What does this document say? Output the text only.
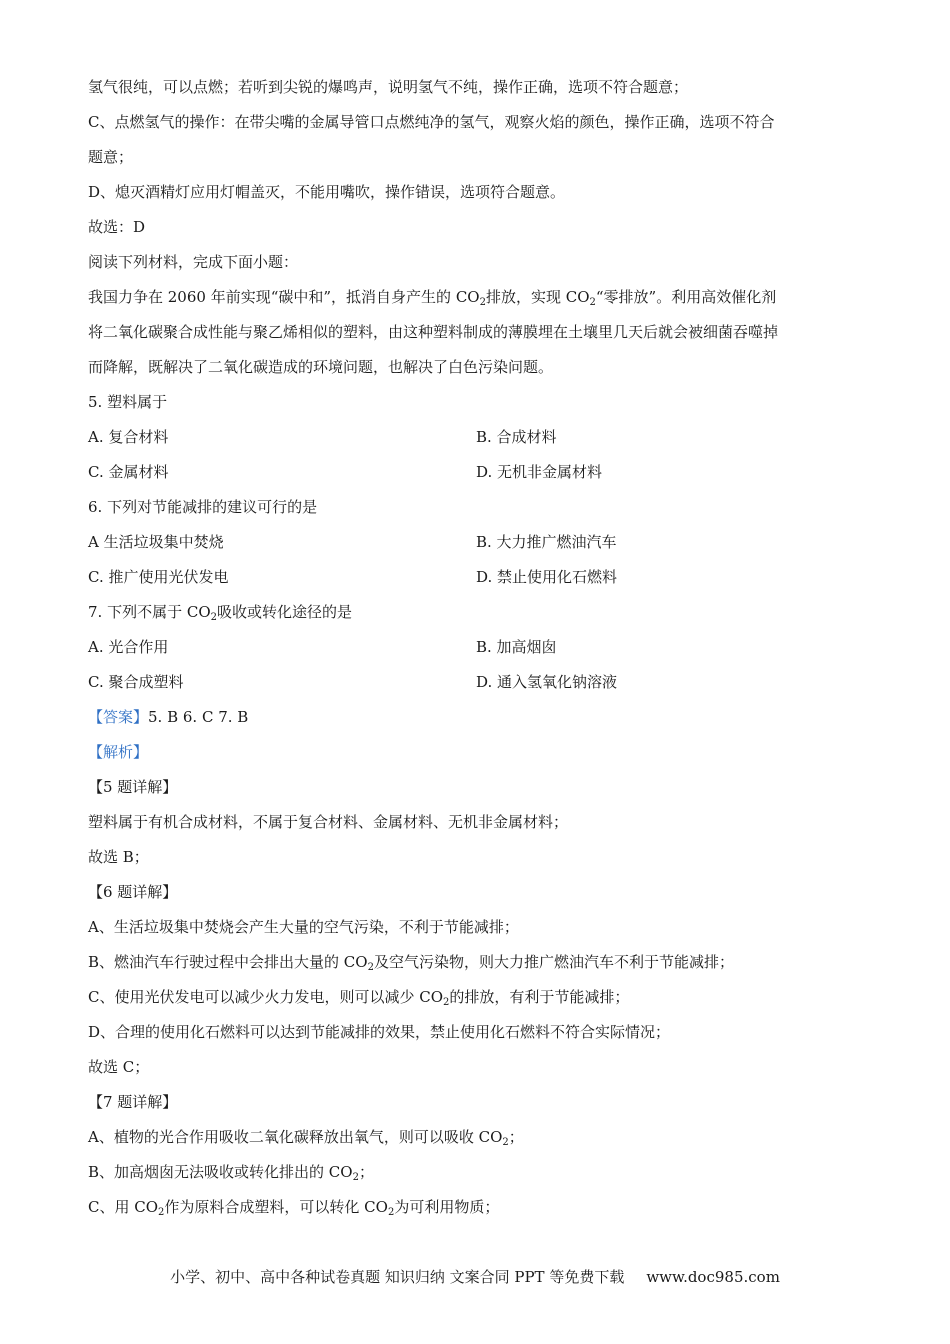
氢气很纯，可以点燃；若听到尖锐的爆鸣声，说明氢气不纯，操作正确，选项不符合题意；
C、点燃氢气的操作：在带尖嘴的金属导管口点燃纯净的氢气，观察火焰的颜色，操作正确，选项不符合
题意；
D、熄灭酒精灯应用灯帽盖灭，不能用嘴吹，操作错误，选项符合题意。
故选：D
阅读下列材料，完成下面小题：
我国力争在 2060 年前实现“碳中和”，抵消自身产生的 $CO_2$排放，实现 $CO_2“$零排放”。利用高效催化剂
将二氧化碳聚合成性能与聚乙烯相似的塑料，由这种塑料制成的薄膜埋在土壤里几天后就会被细菌吞噬掉
而降解，既解决了二氧化碳造成的环境问题，也解决了白色污染问题。
5. 塑料属于
A. 复合材料	B. 合成材料
C. 金属材料	D. 无机非金属材料
6. 下列对节能减排的建议可行的是
A 生活垃圾集中焚烧	B. 大力推广燃油汽车
C. 推广使用光伏发电	D. 禁止使用化石燃料
7. 下列不属于 $CO_2$吸收或转化途径的是
A. 光合作用	B. 加高烟囱
C. 聚合成塑料	D. 通入氢氧化钠溶液
【答案】5. B 6. C 7. B
【解析】
【5 题详解】
塑料属于有机合成材料，不属于复合材料、金属材料、无机非金属材料；
故选 B；
【6 题详解】
A、生活垃圾集中焚烧会产生大量的空气污染，不利于节能减排；
B、燃油汽车行驶过程中会排出大量的 $CO_2$及空气污染物，则大力推广燃油汽车不利于节能减排；
C、使用光伏发电可以减少火力发电，则可以减少 $CO_2$的排放，有利于节能减排；
D、合理的使用化石燃料可以达到节能减排的效果，禁止使用化石燃料不符合实际情况；
故选 C；
【7 题详解】
A、植物的光合作用吸收二氧化碳释放出氧气，则可以吸收 $CO_2$；
B、加高烟囱无法吸收或转化排出的 $CO_2$；
C、用 $CO_2$作为原料合成塑料，可以转化 $CO_2$为可利用物质；
小学、初中、高中各种试卷真题 知识归纳 文案合同 PPT 等免费下载 www.doc985.com
